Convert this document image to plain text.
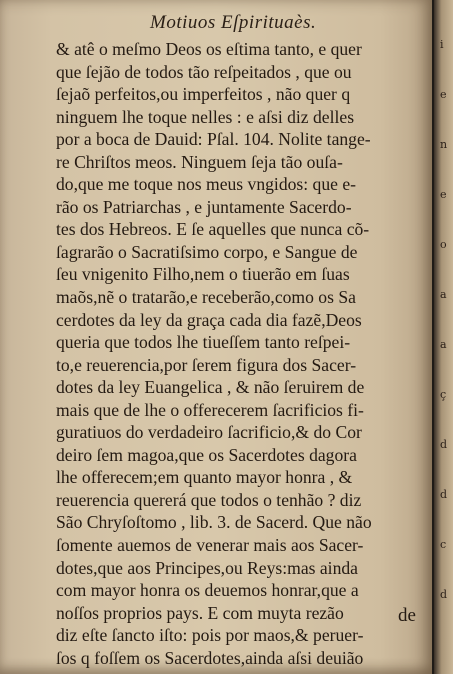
Motiuos Eſpirituaès.
& atê o meſmo Deos os eſtima tanto, e quer
que ſejão de todos tão reſpeitados , que ou
ſejaõ perfeitos,ou imperfeitos , não quer q
ninguem lhe toque nelles : e aſsi diz delles
por a boca de Dauid: Pſal. 104. Nolite tange-
re Chriſtos meos. Ninguem ſeja tão ouſa-
do,que me toque nos meus vngidos: que e-
rão os Patriarchas , e juntamente Sacerdo-
tes dos Hebreos. E ſe aquelles que nunca cõ-
ſagrarão o Sacratiſsimo corpo, e Sangue de
ſeu vnigenito Filho,nem o tiuerão em ſuas
maõs,nẽ o tratarão,e receberão,como os Sa
cerdotes da ley da graça cada dia fazẽ,Deos
queria que todos lhe tiueſſem tanto reſpei-
to,e reuerencia,por ſerem figura dos Sacer-
dotes da ley Euangelica , & não ſeruirem de
mais que de lhe o offerecerem ſacrificios fi-
guratiuos do verdadeiro ſacrificio,& do Cor
deiro ſem magoa,que os Sacerdotes dagora
lhe offerecem;em quanto mayor honra , &
reuerencia quererá que todos o tenhão ? diz
São Chryſoſtomo , lib. 3. de Sacerd. Que não
ſomente auemos de venerar mais aos Sacer-
dotes,que aos Principes,ou Reys:mas ainda
com mayor honra os deuemos honrar,que a
noſſos proprios pays. E com muyta rezão
diz eſte ſancto iſto: pois por maos,& peruer-
ſos q foſſem os Sacerdotes,ainda aſsi deuião
de
i
e
n
e
o
a
a
ç
d
d
c
d
